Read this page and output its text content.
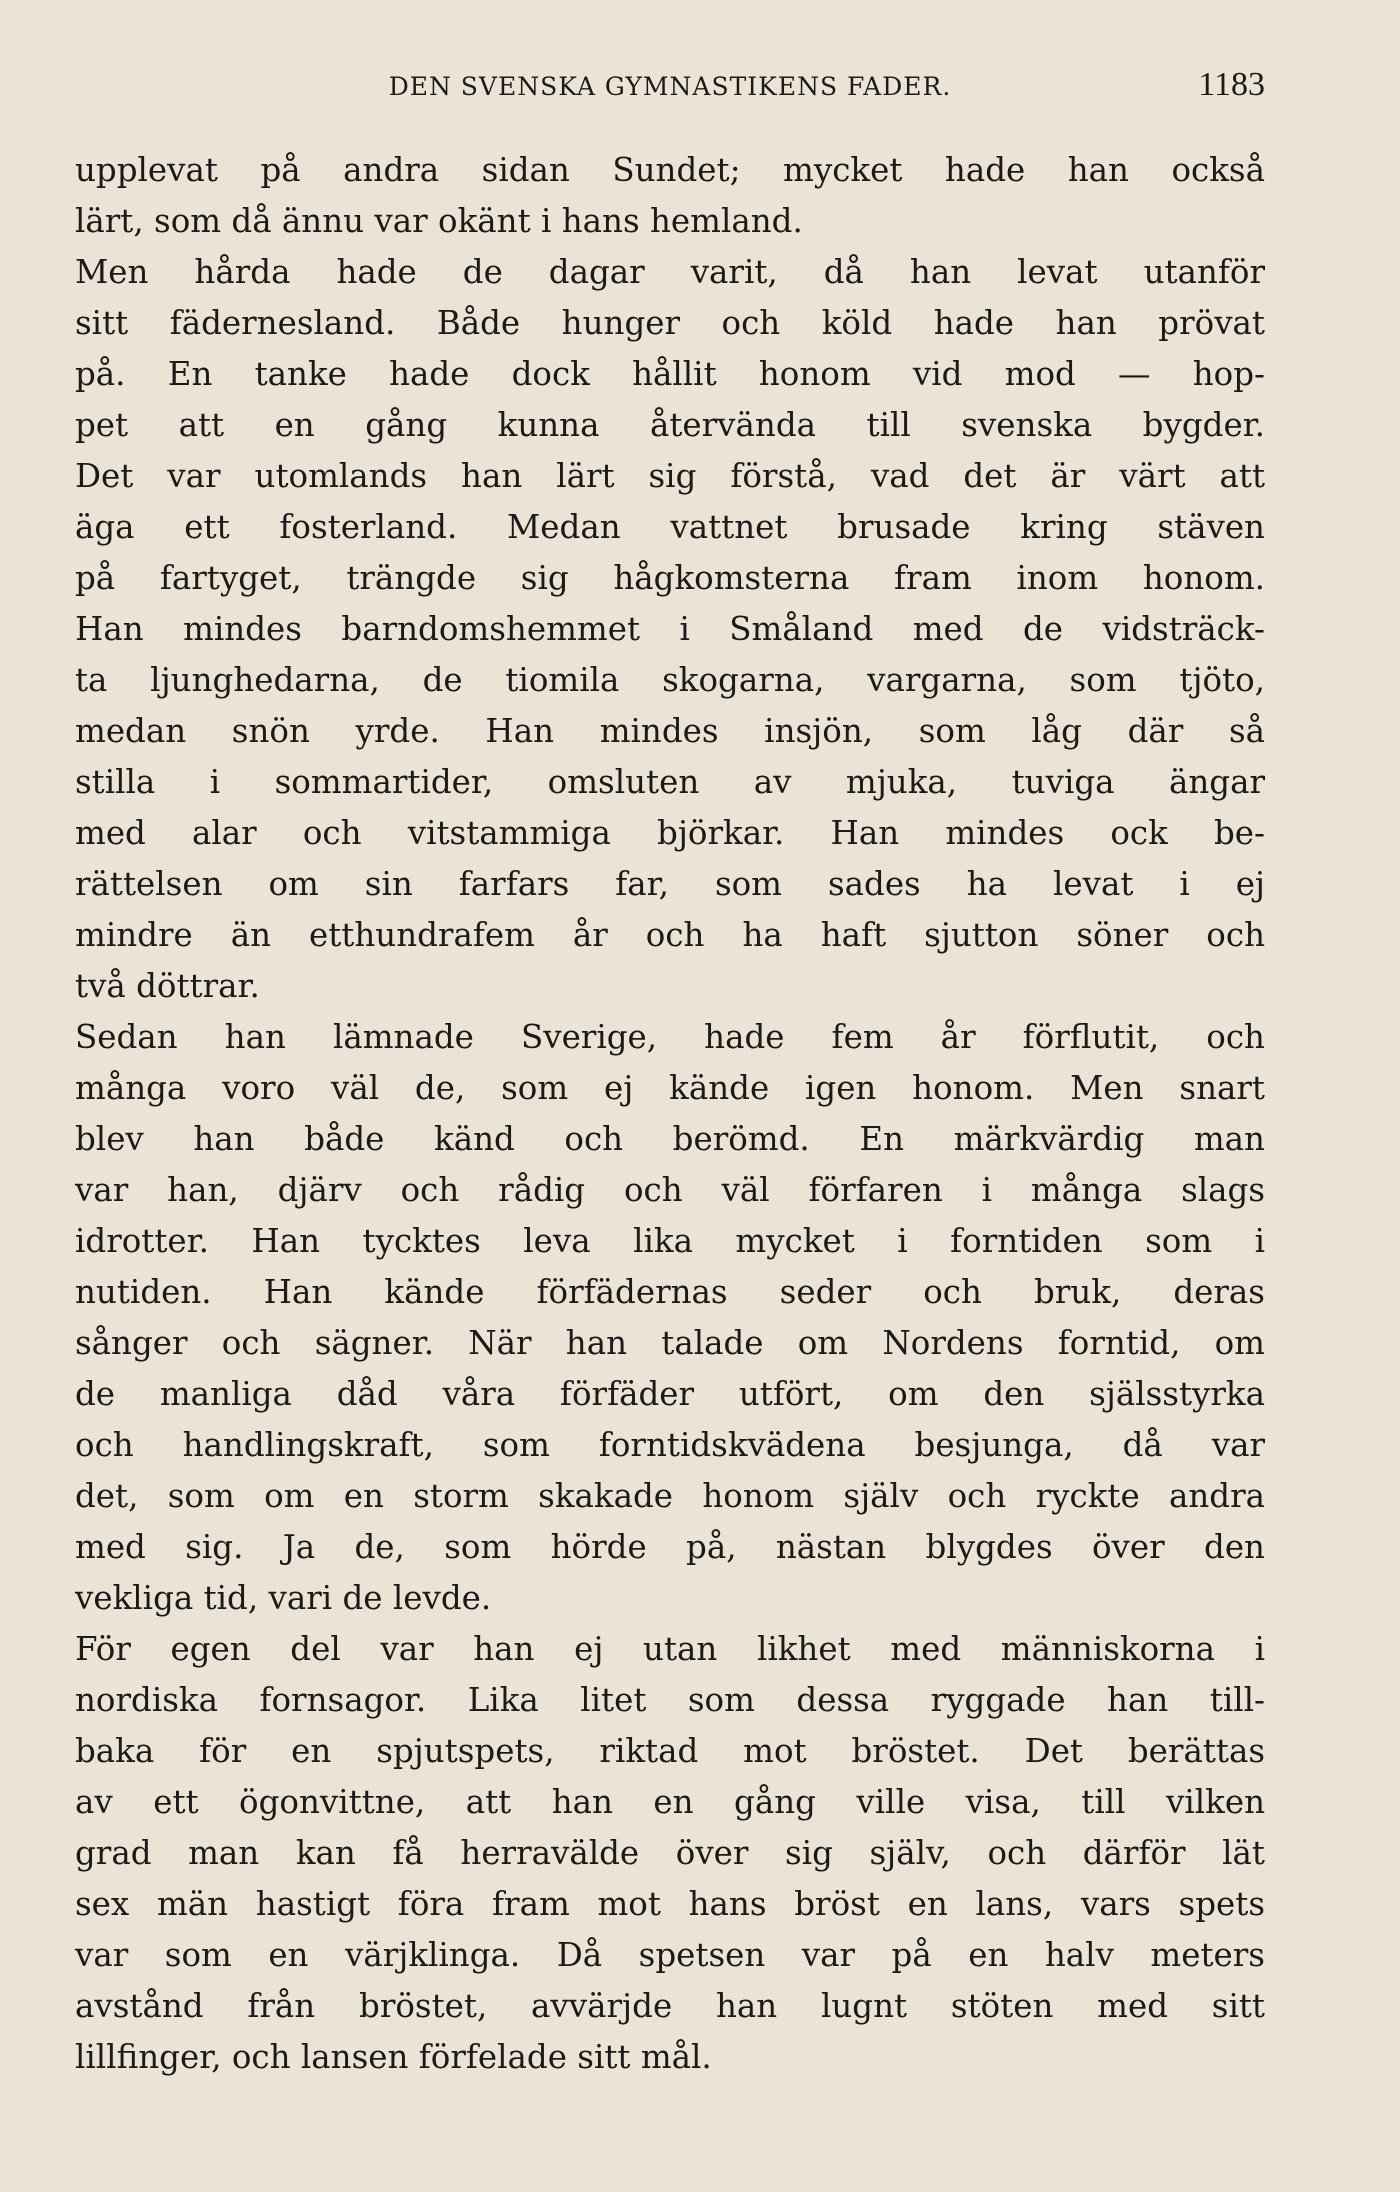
DEN SVENSKA GYMNASTIKENS FADER.	1183
upplevat på andra sidan Sundet; mycket hade han också
lärt, som då ännu var okänt i hans hemland.
Men hårda hade de dagar varit, då han levat utanför
sitt fädernesland. Både hunger och köld hade han prövat
på. En tanke hade dock hållit honom vid mod — hop-
pet att en gång kunna återvända till svenska bygder.
Det var utomlands han lärt sig förstå, vad det är värt att
äga ett fosterland. Medan vattnet brusade kring stäven
på fartyget, trängde sig hågkomsterna fram inom honom.
Han mindes barndomshemmet i Småland med de vidsträck-
ta ljunghedarna, de tiomila skogarna, vargarna, som tjöto,
medan snön yrde. Han mindes insjön, som låg där så
stilla i sommartider, omsluten av mjuka, tuviga ängar
med alar och vitstammiga björkar. Han mindes ock be-
rättelsen om sin farfars far, som sades ha levat i ej
mindre än etthundrafem år och ha haft sjutton söner och
två döttrar.
Sedan han lämnade Sverige, hade fem år förflutit, och
många voro väl de, som ej kände igen honom. Men snart
blev han både känd och berömd. En märkvärdig man
var han, djärv och rådig och väl förfaren i många slags
idrotter. Han tycktes leva lika mycket i forntiden som i
nutiden. Han kände förfädernas seder och bruk, deras
sånger och sägner. När han talade om Nordens forntid, om
de manliga dåd våra förfäder utfört, om den själsstyrka
och handlingskraft, som forntidskvädena besjunga, då var
det, som om en storm skakade honom själv och ryckte andra
med sig. Ja de, som hörde på, nästan blygdes över den
vekliga tid, vari de levde.
För egen del var han ej utan likhet med människorna i
nordiska fornsagor. Lika litet som dessa ryggade han till-
baka för en spjutspets, riktad mot bröstet. Det berättas
av ett ögonvittne, att han en gång ville visa, till vilken
grad man kan få herravälde över sig själv, och därför lät
sex män hastigt föra fram mot hans bröst en lans, vars spets
var som en värjklinga. Då spetsen var på en halv meters
avstånd från bröstet, avvärjde han lugnt stöten med sitt
lillfinger, och lansen förfelade sitt mål.
